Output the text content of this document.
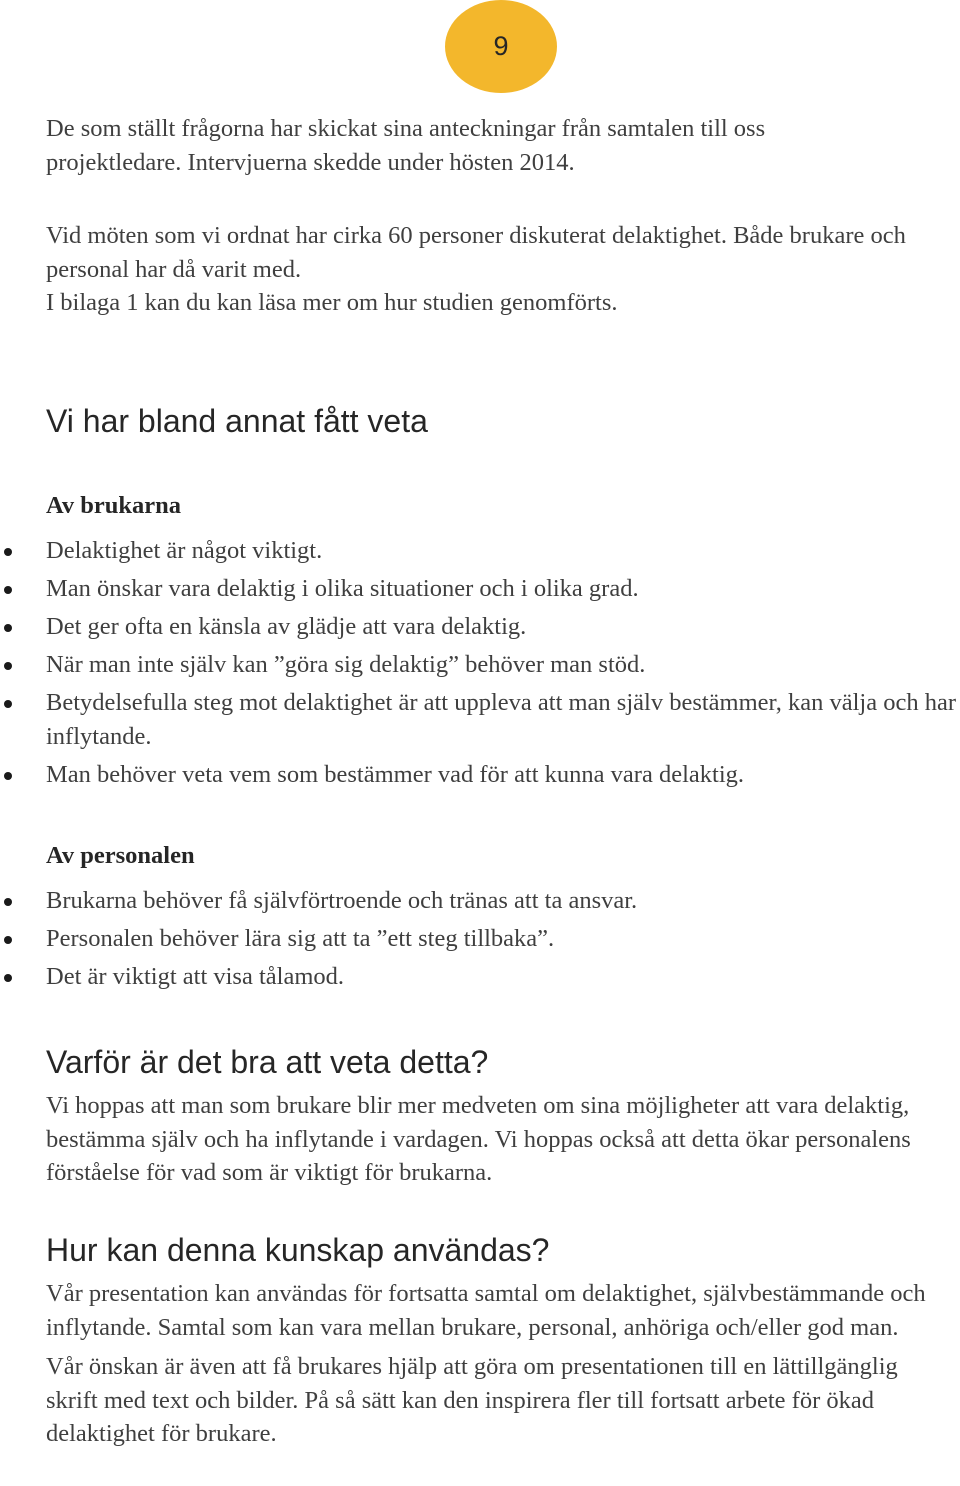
9

De som ställt frågorna har skickat sina anteckningar från samtalen till oss projektledare. Intervjuerna skedde under hösten 2014.

Vid möten som vi ordnat har cirka 60 personer diskuterat delaktighet. Både brukare och personal har då varit med.

I bilaga 1 kan du kan läsa mer om hur studien genomförts.

Vi har bland annat fått veta
Av brukarna
Delaktighet är något viktigt.
Man önskar vara delaktig i olika situationer och i olika grad.
Det ger ofta en känsla av glädje att vara delaktig.
När man inte själv kan ”göra sig delaktig” behöver man stöd.
Betydelsefulla steg mot delaktighet är att uppleva att man själv bestämmer, kan välja och har inflytande.
Man behöver veta vem som bestämmer vad för att kunna vara delaktig.
Av personalen
Brukarna behöver få självförtroende och tränas att ta ansvar.
Personalen behöver lära sig att ta ”ett steg tillbaka”.
Det är viktigt att visa tålamod.
Varför är det bra att veta detta?

Vi hoppas att man som brukare blir mer medveten om sina möjligheter att vara delaktig, bestämma själv och ha inflytande i vardagen. Vi hoppas också att detta ökar personalens förståelse för vad som är viktigt för brukarna.

Hur kan denna kunskap användas?

Vår presentation kan användas för fortsatta samtal om delaktighet, självbestämmande och inflytande. Samtal som kan vara mellan brukare, personal, anhöriga och/eller god man.

Vår önskan är även att få brukares hjälp att göra om presentationen till en lättillgänglig skrift med text och bilder. På så sätt kan den inspirera fler till fortsatt arbete för ökad delaktighet för brukare.
